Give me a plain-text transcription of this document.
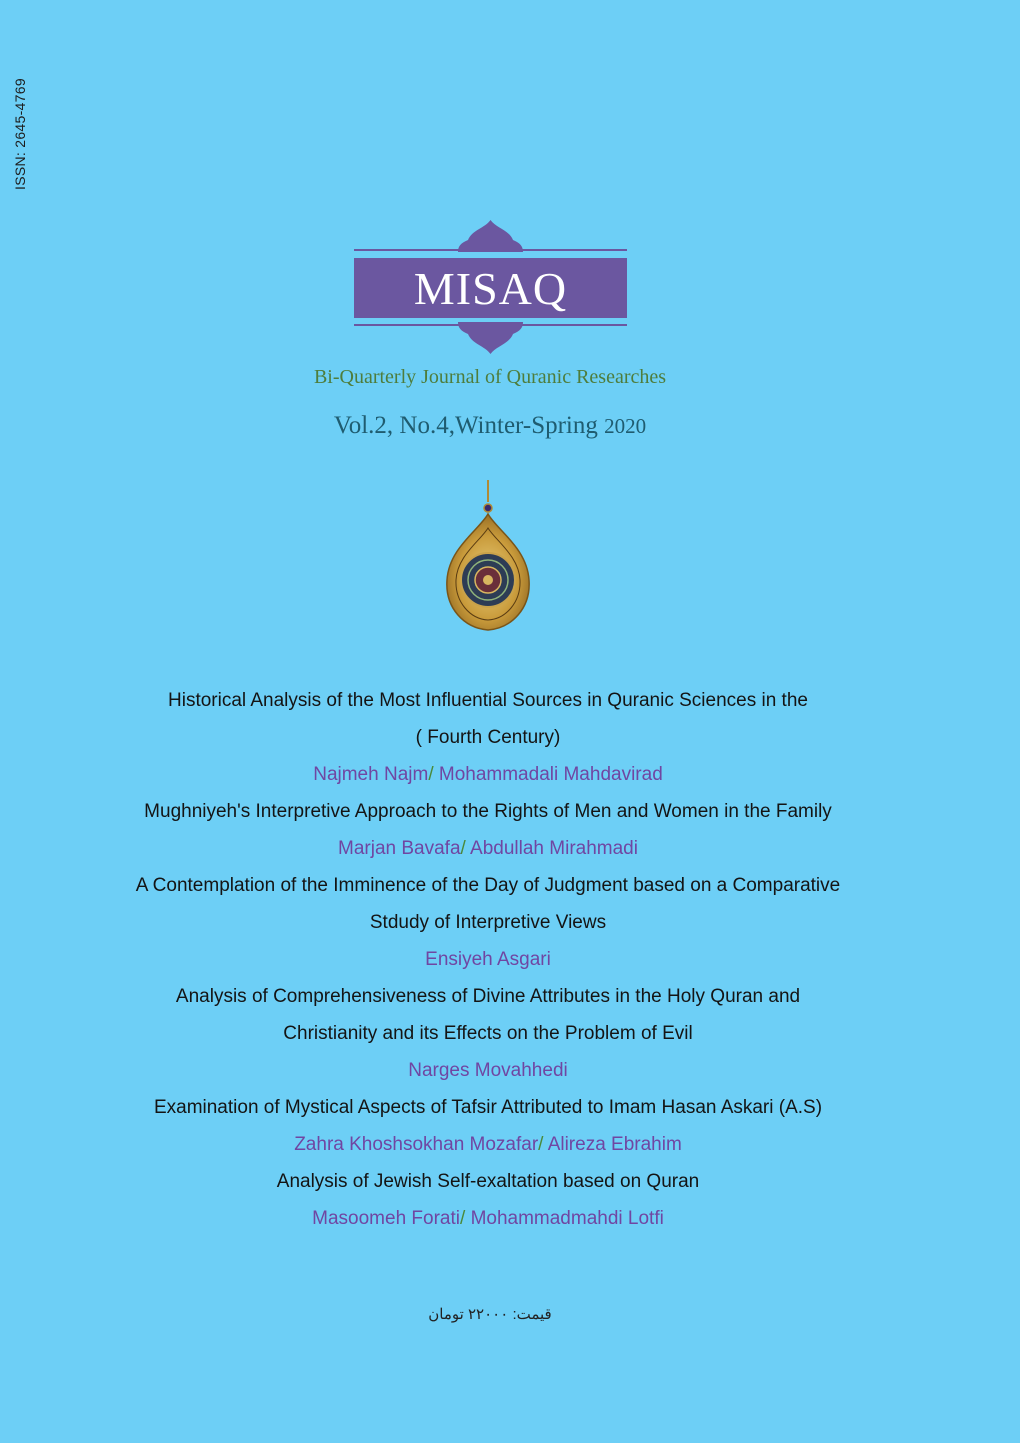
ISSN: 2645-4769
MISAQ
Bi-Quarterly Journal of Quranic Researches
Vol.2, No.4,Winter-Spring 2020
Historical Analysis of the Most Influential Sources in Quranic Sciences in the
( Fourth Century)
Najmeh Najm/ Mohammadali Mahdavirad
Mughniyeh's Interpretive Approach to the Rights of Men and Women in the Family
Marjan Bavafa/ Abdullah Mirahmadi
A Contemplation of the Imminence of the Day of Judgment based on a Comparative
Stdudy of Interpretive Views
Ensiyeh Asgari
Analysis of Comprehensiveness of Divine Attributes in the Holy Quran and
Christianity and its Effects on the Problem of Evil
Narges Movahhedi
Examination of Mystical Aspects of Tafsir Attributed to Imam Hasan Askari (A.S)
Zahra Khoshsokhan Mozafar/ Alireza Ebrahim
Analysis of Jewish Self-exaltation based on Quran
Masoomeh Forati/ Mohammadmahdi Lotfi
قیمت: ۲۲۰۰۰ تومان
